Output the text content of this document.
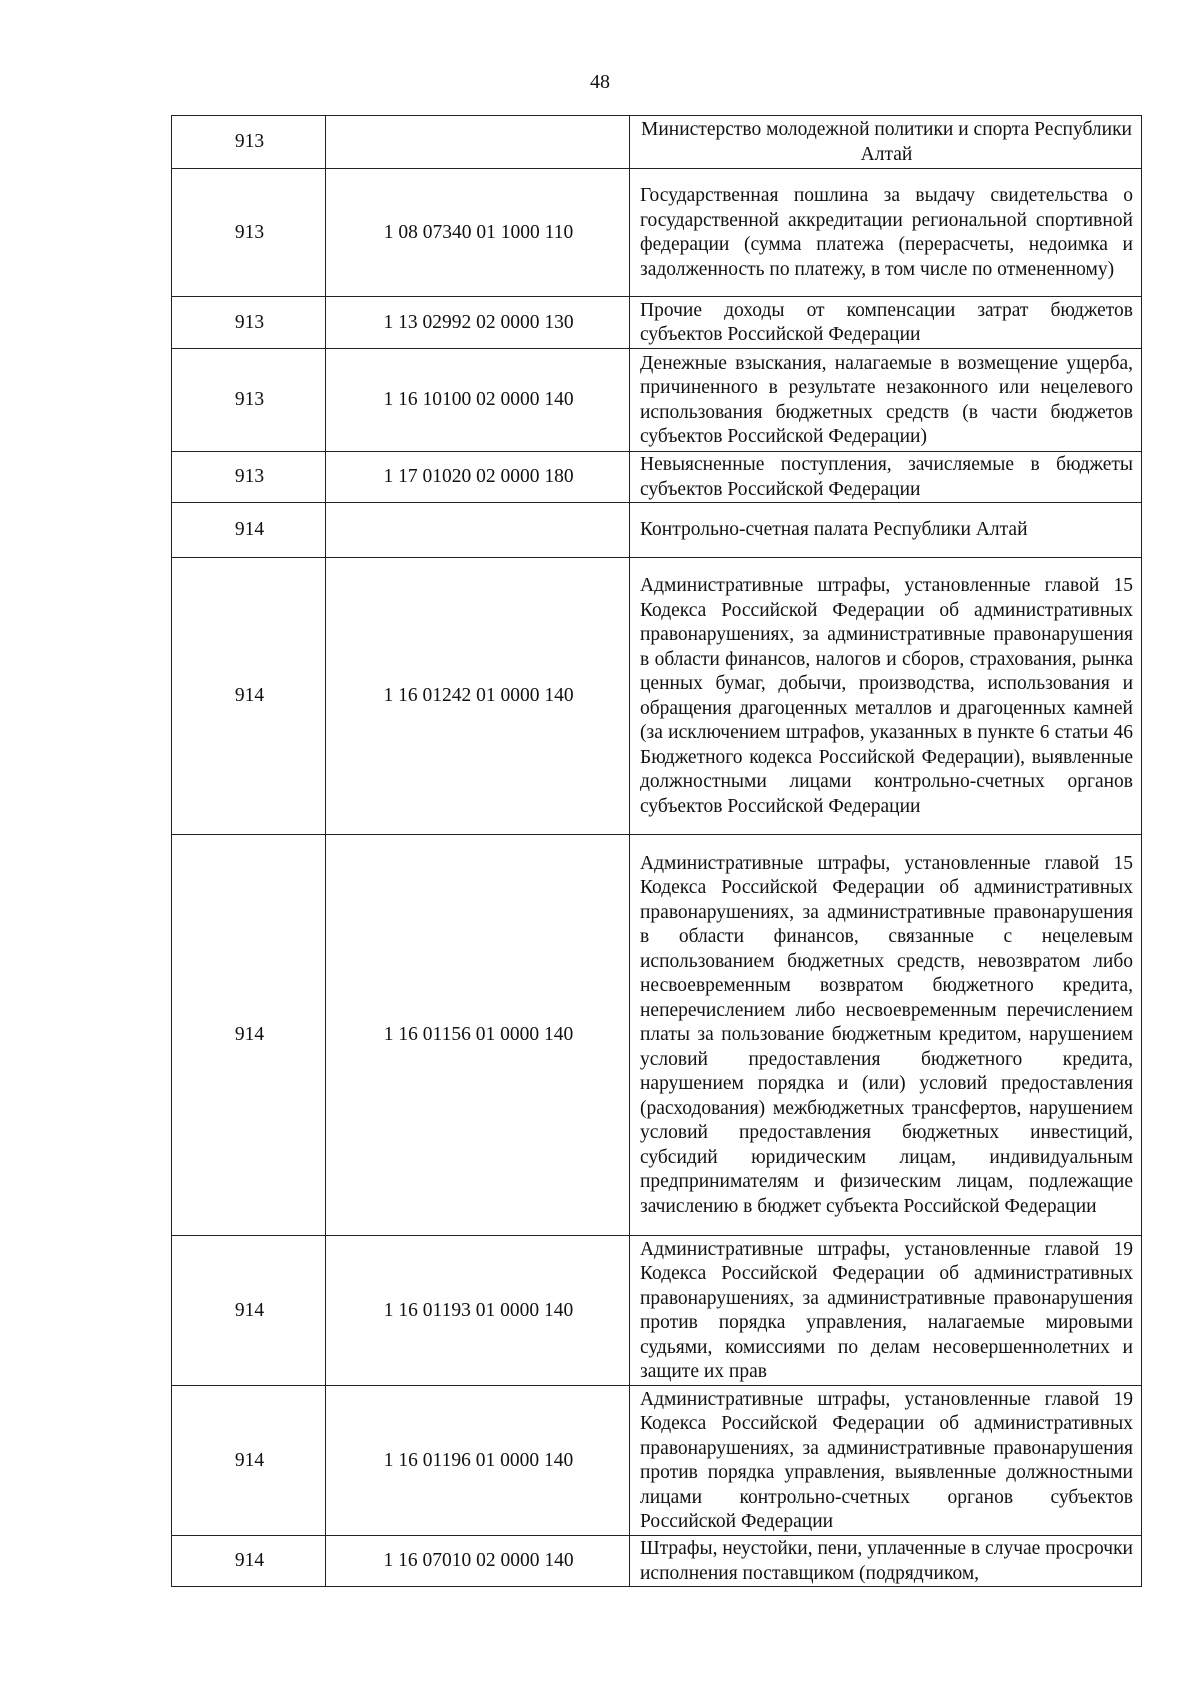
48
913		Министерство молодежной политики и спорта Республики Алтай
913	1 08 07340 01 1000 110	Государственная пошлина за выдачу свидетельства о государственной аккредитации региональной спортивной федерации (сумма платежа (перерасчеты, недоимка и задолженность по платежу, в том числе по отмененному)
913	1 13 02992 02 0000 130	Прочие доходы от компенсации затрат бюджетов субъектов Российской Федерации
913	1 16 10100 02 0000 140	Денежные взыскания, налагаемые в возмещение ущерба, причиненного в результате незаконного или нецелевого использования бюджетных средств (в части бюджетов субъектов Российской Федерации)
913	1 17 01020 02 0000 180	Невыясненные поступления, зачисляемые в бюджеты субъектов Российской Федерации
914		Контрольно-счетная палата Республики Алтай
914	1 16 01242 01 0000 140	Административные штрафы, установленные главой 15 Кодекса Российской Федерации об административных правонарушениях, за административные правонарушения в области финансов, налогов и сборов, страхования, рынка ценных бумаг, добычи, производства, использования и обращения драгоценных металлов и драгоценных камней (за исключением штрафов, указанных в пункте 6 статьи 46 Бюджетного кодекса Российской Федерации), выявленные должностными лицами контрольно-счетных органов субъектов Российской Федерации
914	1 16 01156 01 0000 140	Административные штрафы, установленные главой 15 Кодекса Российской Федерации об административных правонарушениях, за административные правонарушения в области финансов, связанные с нецелевым использованием бюджетных средств, невозвратом либо несвоевременным возвратом бюджетного кредита, неперечислением либо несвоевременным перечислением платы за пользование бюджетным кредитом, нарушением условий предоставления бюджетного кредита, нарушением порядка и (или) условий предоставления (расходования) межбюджетных трансфертов, нарушением условий предоставления бюджетных инвестиций, субсидий юридическим лицам, индивидуальным предпринимателям и физическим лицам, подлежащие зачислению в бюджет субъекта Российской Федерации
914	1 16 01193 01 0000 140	Административные штрафы, установленные главой 19 Кодекса Российской Федерации об административных правонарушениях, за административные правонарушения против порядка управления, налагаемые мировыми судьями, комиссиями по делам несовершеннолетних и защите их прав
914	1 16 01196 01 0000 140	Административные штрафы, установленные главой 19 Кодекса Российской Федерации об административных правонарушениях, за административные правонарушения против порядка управления, выявленные должностными лицами контрольно-счетных органов субъектов Российской Федерации
914	1 16 07010 02 0000 140	Штрафы, неустойки, пени, уплаченные в случае просрочки исполнения поставщиком (подрядчиком,
